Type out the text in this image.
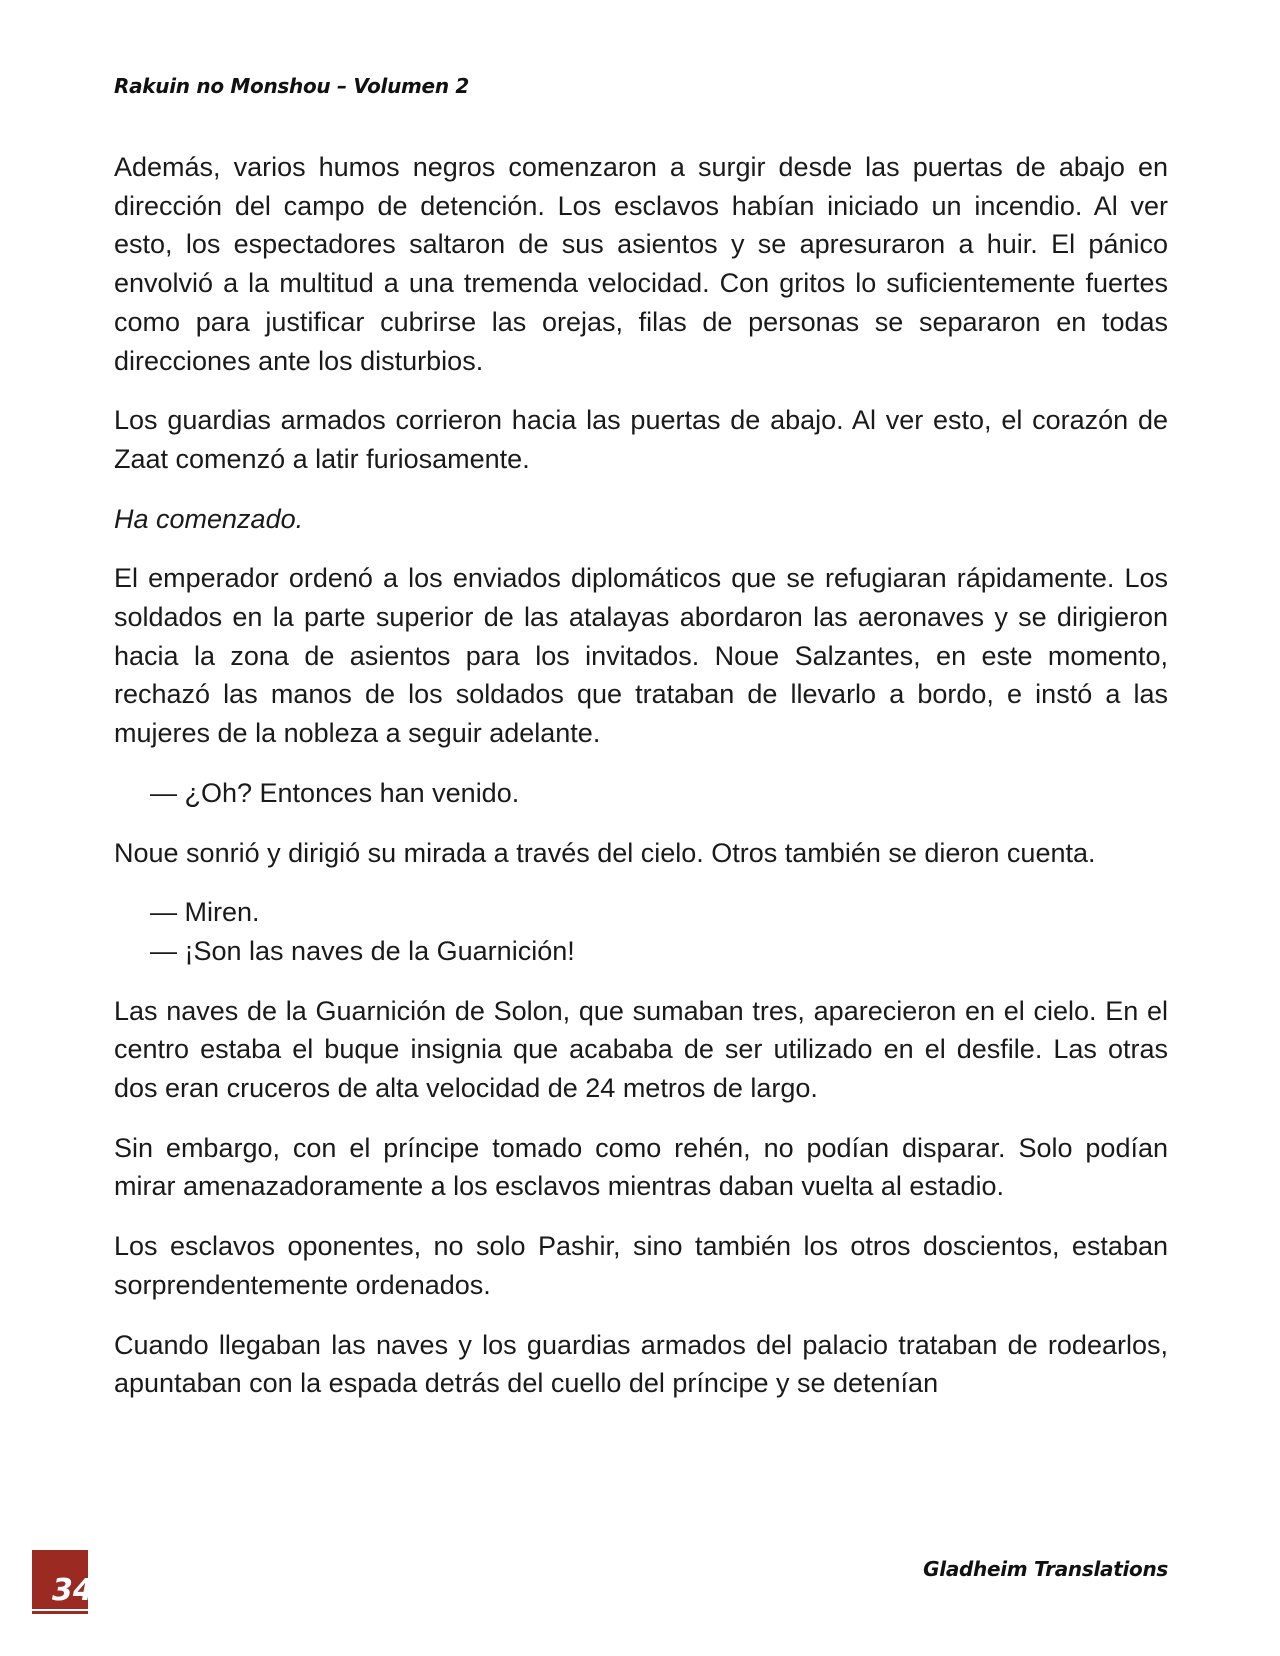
Rakuin no Monshou – Volumen 2

Además, varios humos negros comenzaron a surgir desde las puertas de abajo en dirección del campo de detención. Los esclavos habían iniciado un incendio. Al ver esto, los espectadores saltaron de sus asientos y se apresuraron a huir. El pánico envolvió a la multitud a una tremenda velocidad. Con gritos lo suficientemente fuertes como para justificar cubrirse las orejas, filas de personas se separaron en todas direcciones ante los disturbios.

Los guardias armados corrieron hacia las puertas de abajo. Al ver esto, el corazón de Zaat comenzó a latir furiosamente.

Ha comenzado.

El emperador ordenó a los enviados diplomáticos que se refugiaran rápidamente. Los soldados en la parte superior de las atalayas abordaron las aeronaves y se dirigieron hacia la zona de asientos para los invitados. Noue Salzantes, en este momento, rechazó las manos de los soldados que trataban de llevarlo a bordo, e instó a las mujeres de la nobleza a seguir adelante.

— ¿Oh? Entonces han venido.

Noue sonrió y dirigió su mirada a través del cielo. Otros también se dieron cuenta.

— Miren.
— ¡Son las naves de la Guarnición!

Las naves de la Guarnición de Solon, que sumaban tres, aparecieron en el cielo. En el centro estaba el buque insignia que acababa de ser utilizado en el desfile. Las otras dos eran cruceros de alta velocidad de 24 metros de largo.

Sin embargo, con el príncipe tomado como rehén, no podían disparar. Solo podían mirar amenazadoramente a los esclavos mientras daban vuelta al estadio.

Los esclavos oponentes, no solo Pashir, sino también los otros doscientos, estaban sorprendentemente ordenados.

Cuando llegaban las naves y los guardias armados del palacio trataban de rodearlos, apuntaban con la espada detrás del cuello del príncipe y se detenían

34
Gladheim Translations
